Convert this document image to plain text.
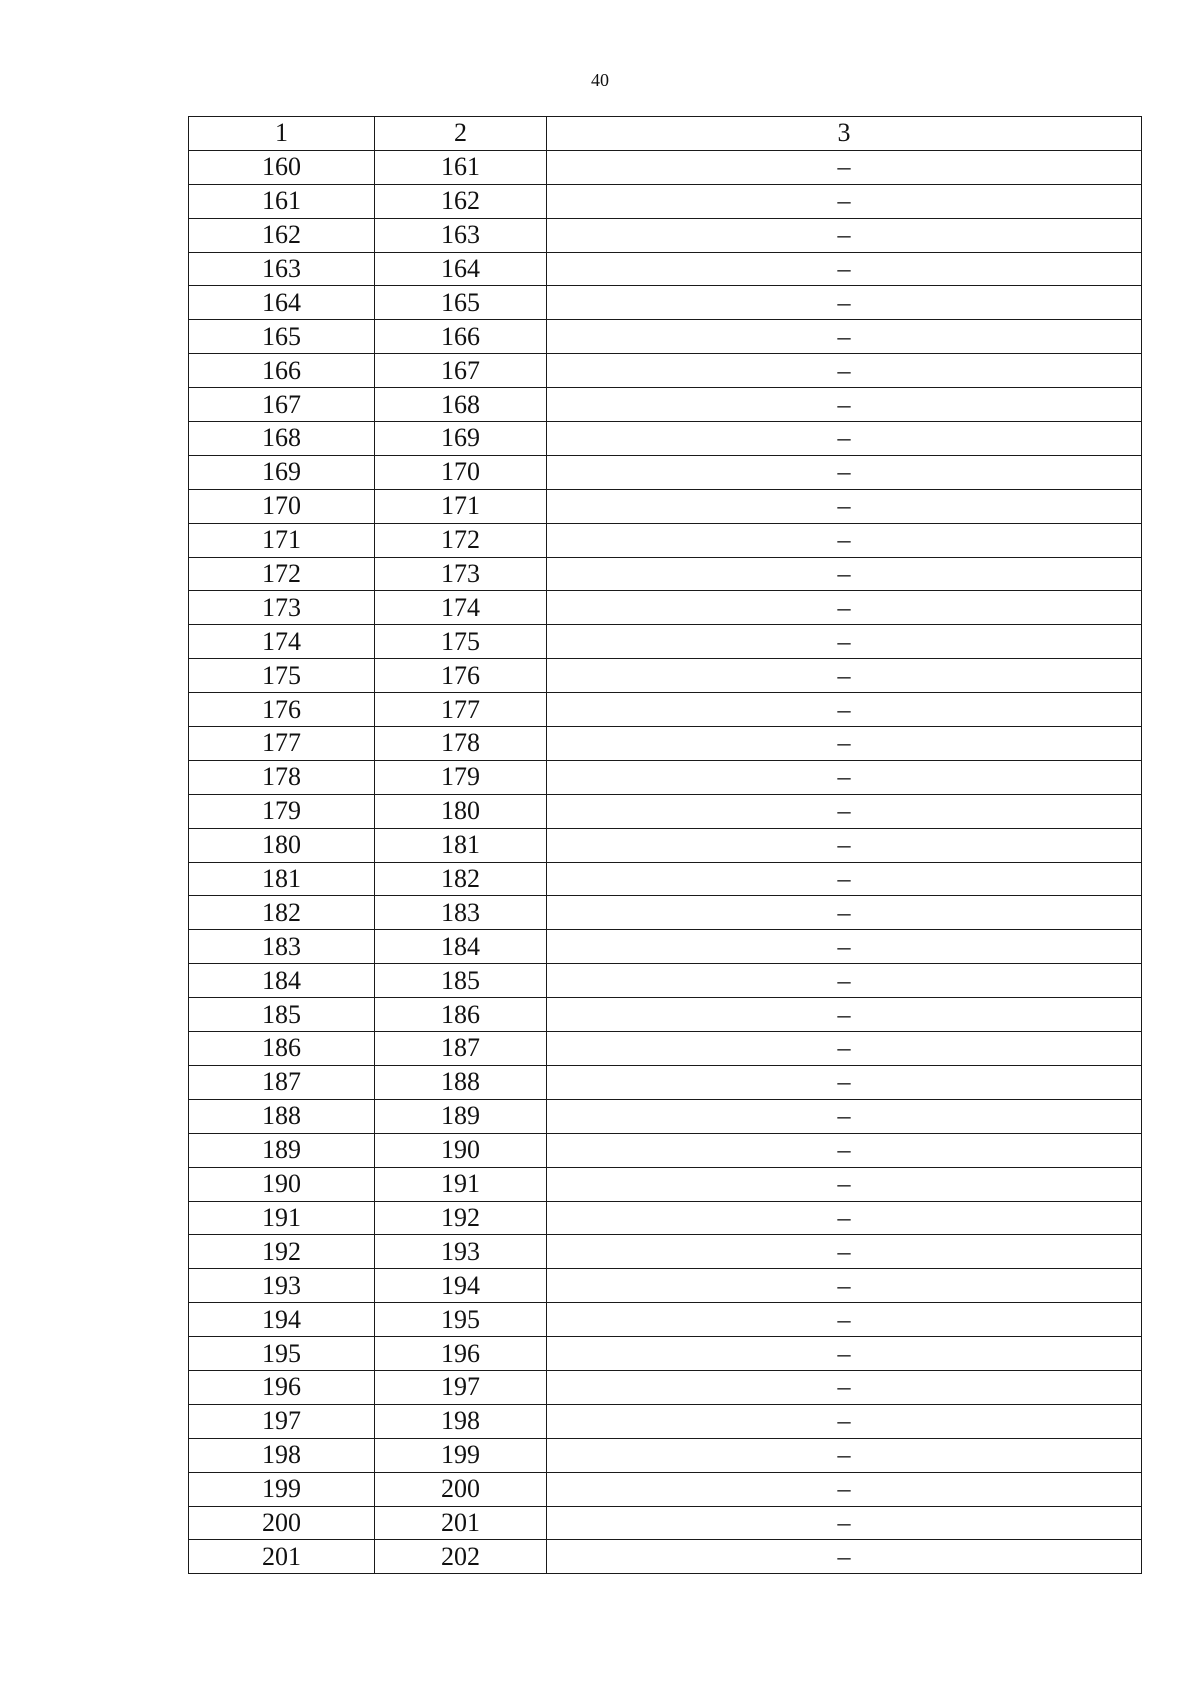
40
1	2	3
160	161	–
161	162	–
162	163	–
163	164	–
164	165	–
165	166	–
166	167	–
167	168	–
168	169	–
169	170	–
170	171	–
171	172	–
172	173	–
173	174	–
174	175	–
175	176	–
176	177	–
177	178	–
178	179	–
179	180	–
180	181	–
181	182	–
182	183	–
183	184	–
184	185	–
185	186	–
186	187	–
187	188	–
188	189	–
189	190	–
190	191	–
191	192	–
192	193	–
193	194	–
194	195	–
195	196	–
196	197	–
197	198	–
198	199	–
199	200	–
200	201	–
201	202	–
